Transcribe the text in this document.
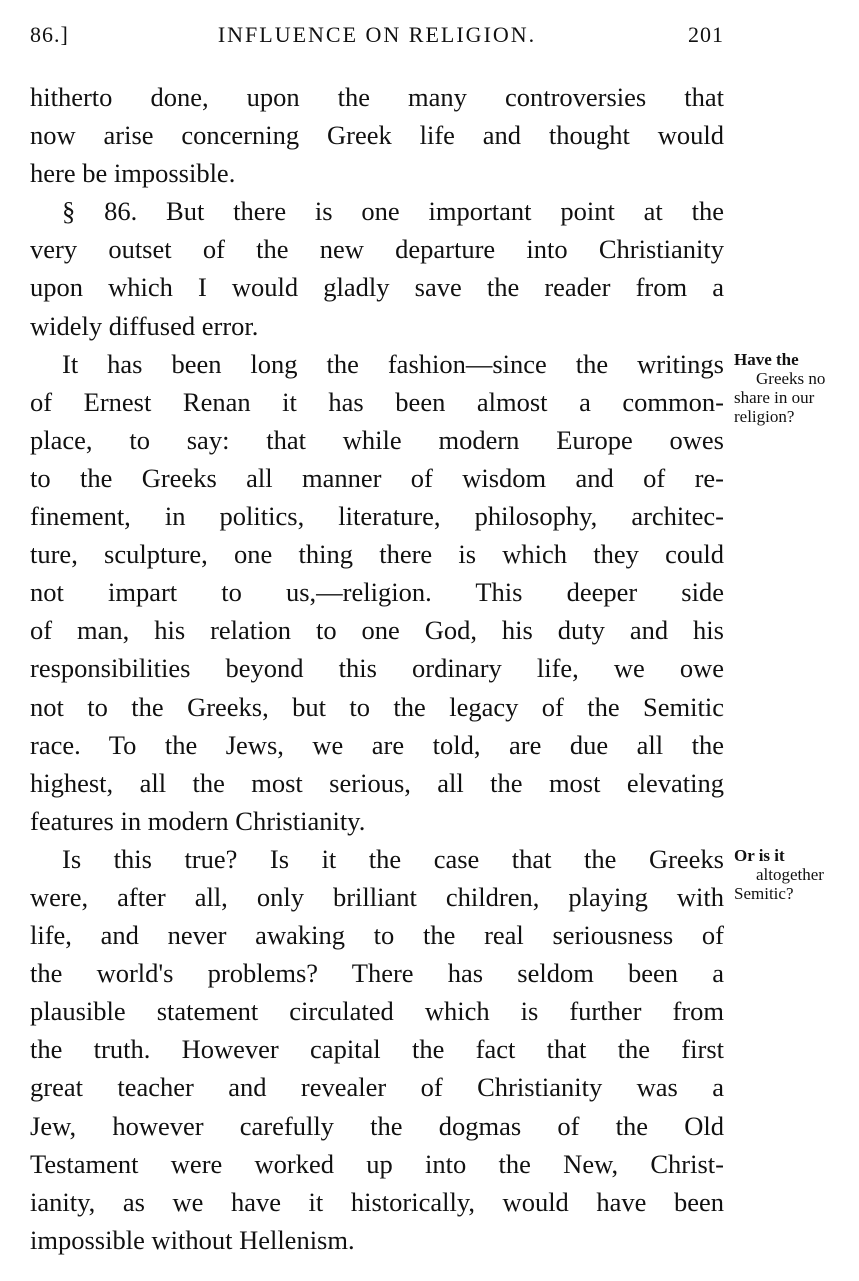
86.]	INFLUENCE ON RELIGION.	201
hitherto done, upon the many controversies that
now arise concerning Greek life and thought would
here be impossible.
§ 86. But there is one important point at the
very outset of the new departure into Christianity
upon which I would gladly save the reader from a
widely diffused error.
It has been long the fashion—since the writings
of Ernest Renan it has been almost a common-
place, to say: that while modern Europe owes
to the Greeks all manner of wisdom and of re-
finement, in politics, literature, philosophy, architec-
ture, sculpture, one thing there is which they could
not impart to us,—religion. This deeper side
of man, his relation to one God, his duty and his
responsibilities beyond this ordinary life, we owe
not to the Greeks, but to the legacy of the Semitic
race. To the Jews, we are told, are due all the
highest, all the most serious, all the most elevating
features in modern Christianity.
Is this true? Is it the case that the Greeks
were, after all, only brilliant children, playing with
life, and never awaking to the real seriousness of
the world's problems? There has seldom been a
plausible statement circulated which is further from
the truth. However capital the fact that the first
great teacher and revealer of Christianity was a
Jew, however carefully the dogmas of the Old
Testament were worked up into the New, Christ-
ianity, as we have it historically, would have been
impossible without Hellenism.
Have the
Greeks no
share in our
religion?
Or is it
altogether
Semitic?
